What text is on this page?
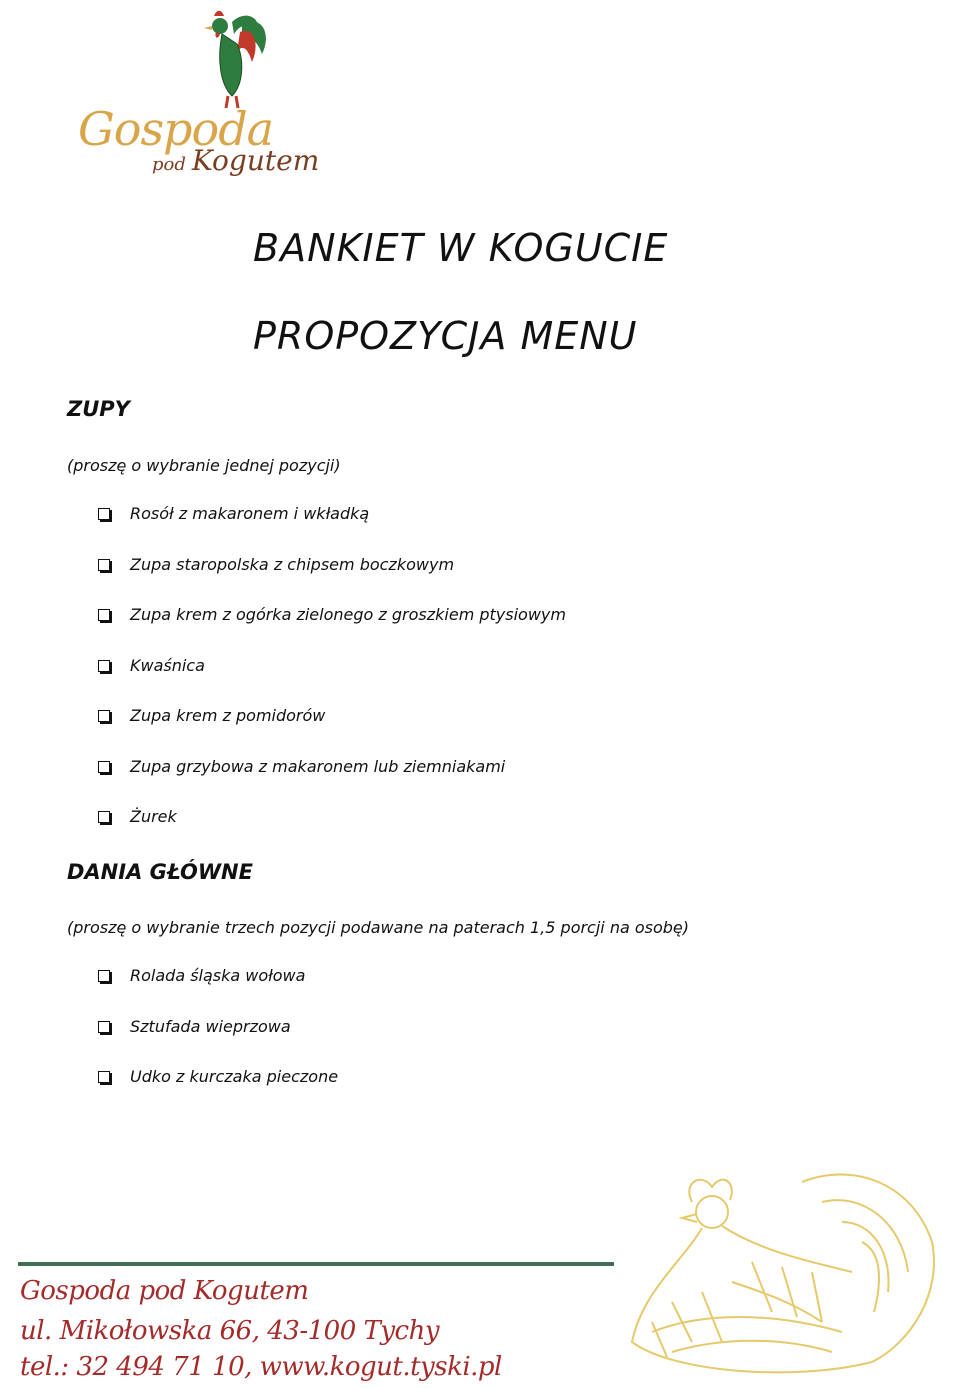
Gospoda
pod Kogutem
BANKIET W KOGUCIE
PROPOZYCJA MENU
ZUPY
(proszę o wybranie jednej pozycji)
Rosół z makaronem i wkładką
Zupa staropolska z chipsem boczkowym
Zupa krem z ogórka zielonego z groszkiem ptysiowym
Kwaśnica
Zupa krem z pomidorów
Zupa grzybowa z makaronem lub ziemniakami
Żurek
DANIA GŁÓWNE
(proszę o wybranie trzech pozycji podawane na paterach 1,5 porcji na osobę)
Rolada śląska wołowa
Sztufada wieprzowa
Udko z kurczaka pieczone
Gospoda pod Kogutem
ul. Mikołowska 66, 43-100 Tychy
tel.: 32 494 71 10, www.kogut.tyski.pl
